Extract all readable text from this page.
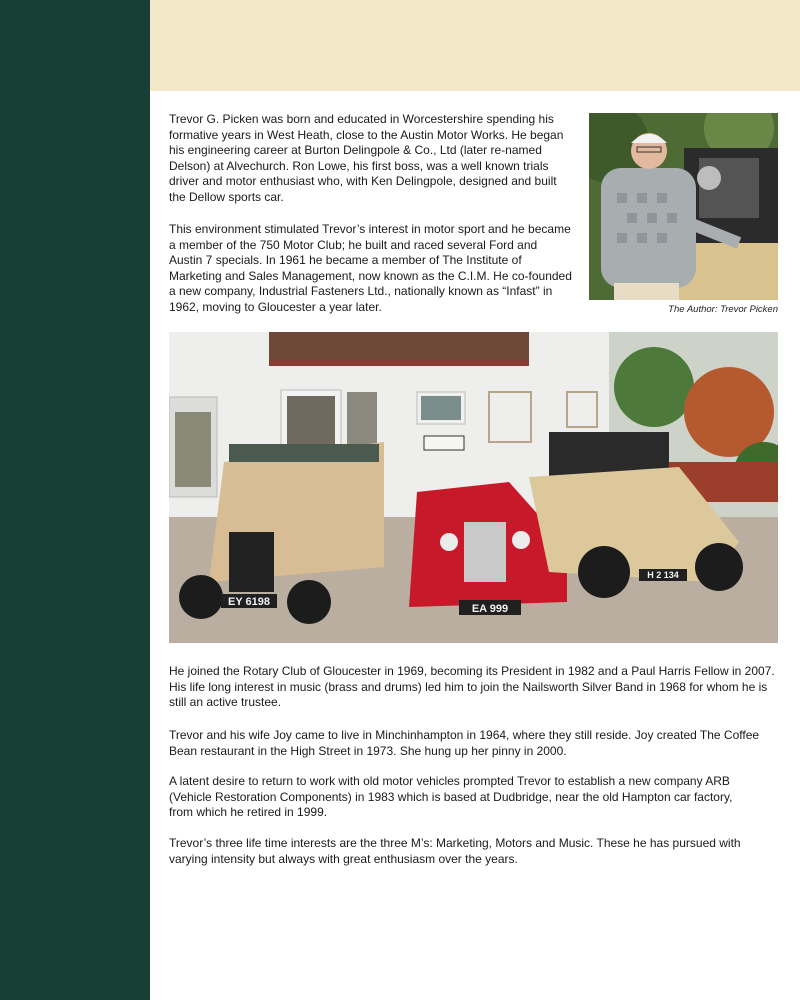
Trevor G. Picken was born and educated in Worcestershire spending his
formative years in West Heath, close to the Austin Motor Works. He began
his engineering career at Burton Delingpole & Co., Ltd (later re-named
Delson) at Alvechurch. Ron Lowe, his first boss, was a well known trials
driver and motor enthusiast who, with Ken Delingpole, designed and built
the Dellow sports car.

This environment stimulated Trevor’s interest in motor sport and he became
a member of the 750 Motor Club; he built and raced several Ford and
Austin 7 specials. In 1961 he became a member of The Institute of
Marketing and Sales Management, now known as the C.I.M. He co-founded
a new company, Industrial Fasteners Ltd., nationally known as “Infast” in
1962, moving to Gloucester a year later.	The Author: Trevor Picken
EY 6198
EA 999
H 2 134

He joined the Rotary Club of Gloucester in 1969, becoming its President in 1982 and a Paul Harris Fellow in 2007.
His life long interest in music (brass and drums) led him to join the Nailsworth Silver Band in 1968 for whom he is
still an active trustee.

Trevor and his wife Joy came to live in Minchinhampton in 1964, where they still reside. Joy created The Coffee
Bean restaurant in the High Street in 1973. She hung up her pinny in 2000.

A latent desire to return to work with old motor vehicles prompted Trevor to establish a new company ARB
(Vehicle Restoration Components) in 1983 which is based at Dudbridge, near the old Hampton car factory,
from which he retired in 1999.

Trevor’s three life time interests are the three M’s: Marketing, Motors and Music. These he has pursued with
varying intensity but always with great enthusiasm over the years.
